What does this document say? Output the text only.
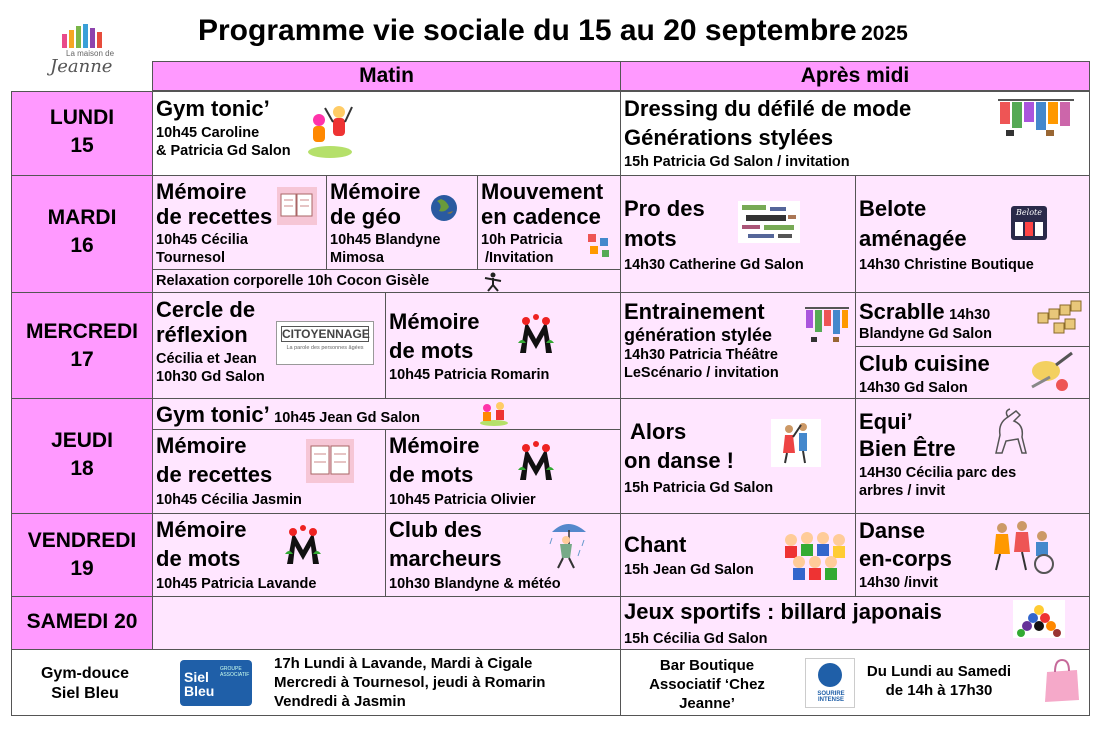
La maison de
Jeanne
Programme vie sociale du 15 au 20 septembre 2025
Matin	Après midi
LUNDI
15
MARDI
16
MERCREDI
17
JEUDI
18
VENDREDI
19
SAMEDI 20
Gym tonic’
10h45 Caroline
& Patricia Gd Salon
Dressing du défilé de mode
Générations stylées
15h Patricia Gd Salon / invitation
Mémoire
de recettes
10h45 Cécilia
Tournesol
Mémoire
de géo
10h45 Blandyne
Mimosa
Mouvement
en cadence
10h Patricia
/Invitation
Relaxation corporelle 10h Cocon Gisèle
Pro des
mots
14h30 Catherine Gd Salon
Belote
aménagée
14h30 Christine Boutique
Belote
Cercle de
réflexion
Cécilia et Jean
10h30 Gd Salon
CITOYENNAGE
La parole des personnes âgées
Mémoire
de mots
10h45 Patricia Romarin
Entrainement
génération stylée
14h30 Patricia Théâtre
LeScénario / invitation
Scrablle 14h30
Blandyne Gd Salon
Club cuisine
14h30 Gd Salon
Gym tonic’ 10h45 Jean Gd Salon
Mémoire
de recettes
10h45 Cécilia Jasmin
Mémoire
de mots
10h45 Patricia Olivier
Alors
on danse !
15h Patricia Gd Salon
Equi’
Bien Être
14H30 Cécilia parc des
arbres / invit
Mémoire
de mots
10h45 Patricia Lavande
Club des
marcheurs
10h30 Blandyne & météo
Chant
15h Jean Gd Salon
Danse
en-corps
14h30 /invit
Jeux sportifs : billard japonais
15h Cécilia Gd Salon
Gym-douce
Siel Bleu
Siel Bleu
GROUPE ASSOCIATIF
17h Lundi à Lavande, Mardi à Cigale
Mercredi à Tournesol, jeudi à Romarin
Vendredi à Jasmin
Bar Boutique
Associatif ‘Chez
Jeanne’
SOURIRE INTENSE
Du Lundi au Samedi
de 14h à 17h30
